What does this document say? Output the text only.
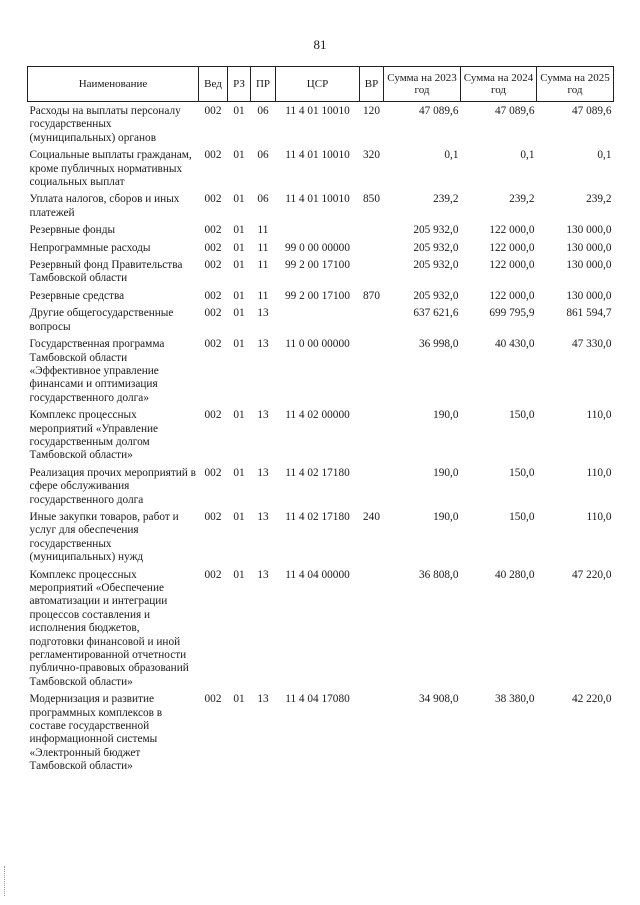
81
Наименование	Вед	РЗ	ПР	ЦСР	ВР	Сумма на 2023 год	Сумма на 2024 год	Сумма на 2025 год
Расходы на выплаты персоналу государственных (муниципальных) органов	002	01	06	11 4 01 10010	120	47 089,6	47 089,6	47 089,6
Социальные выплаты гражданам, кроме публичных нормативных социальных выплат	002	01	06	11 4 01 10010	320	0,1	0,1	0,1
Уплата налогов, сборов и иных платежей	002	01	06	11 4 01 10010	850	239,2	239,2	239,2
Резервные фонды	002	01	11			205 932,0	122 000,0	130 000,0
Непрограммные расходы	002	01	11	99 0 00 00000		205 932,0	122 000,0	130 000,0
Резервный фонд Правительства Тамбовской области	002	01	11	99 2 00 17100		205 932,0	122 000,0	130 000,0
Резервные средства	002	01	11	99 2 00 17100	870	205 932,0	122 000,0	130 000,0
Другие общегосударственные вопросы	002	01	13			637 621,6	699 795,9	861 594,7
Государственная программа Тамбовской области «Эффективное управление финансами и оптимизация государственного долга»	002	01	13	11 0 00 00000		36 998,0	40 430,0	47 330,0
Комплекс процессных мероприятий «Управление государственным долгом Тамбовской области»	002	01	13	11 4 02 00000		190,0	150,0	110,0
Реализация прочих мероприятий в сфере обслуживания государственного долга	002	01	13	11 4 02 17180		190,0	150,0	110,0
Иные закупки товаров, работ и услуг для обеспечения государственных (муниципальных) нужд	002	01	13	11 4 02 17180	240	190,0	150,0	110,0
Комплекс процессных мероприятий «Обеспечение автоматизации и интеграции процессов составления и исполнения бюджетов, подготовки финансовой и иной регламентированной отчетности публично-правовых образований Тамбовской области»	002	01	13	11 4 04 00000		36 808,0	40 280,0	47 220,0
Модернизация и развитие программных комплексов в составе государственной информационной системы «Электронный бюджет Тамбовской области»	002	01	13	11 4 04 17080		34 908,0	38 380,0	42 220,0
